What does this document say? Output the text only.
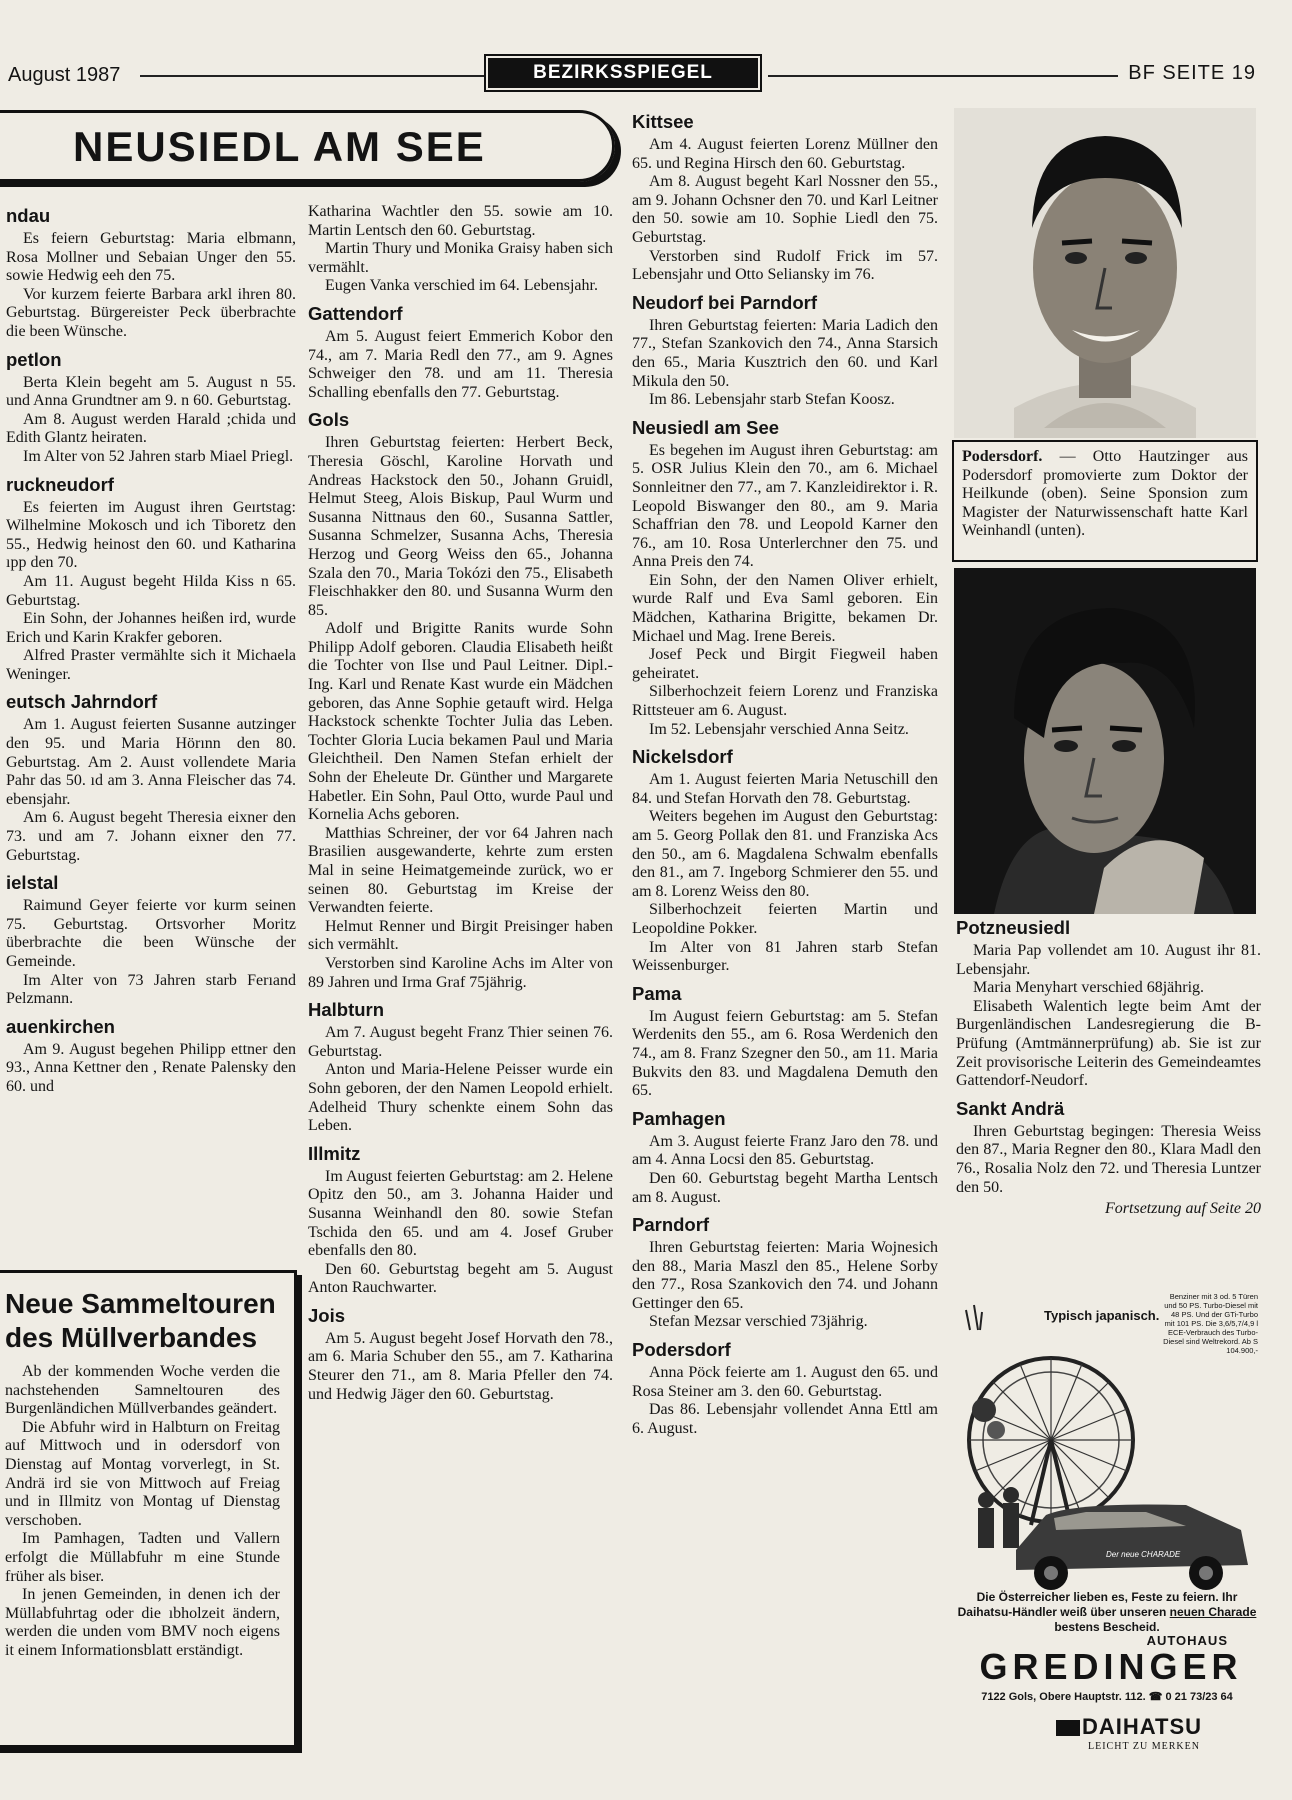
August 1987	BEZIRKSSPIEGEL	BF SEITE 19
NEUSIEDL AM SEE
ndau
Es feiern Geburtstag: Maria elbmann, Rosa Mollner und Sebaian Unger den 55. sowie Hedwig eeh den 75.
Vor kurzem feierte Barbara arkl ihren 80. Geburtstag. Bürgereister Peck überbrachte die been Wünsche.
petlon
Berta Klein begeht am 5. August n 55. und Anna Grundtner am 9. n 60. Geburtstag.
Am 8. August werden Harald ;chida und Edith Glantz heiraten.
Im Alter von 52 Jahren starb Miael Priegl.
ruckneudorf
Es feierten im August ihren Geırtstag: Wilhelmine Mokosch und ich Tiboretz den 55., Hedwig heinost den 60. und Katharina ıpp den 70.
Am 11. August begeht Hilda Kiss n 65. Geburtstag.
Ein Sohn, der Johannes heißen ird, wurde Erich und Karin Krakfer geboren.
Alfred Praster vermählte sich it Michaela Weninger.
eutsch Jahrndorf
Am 1. August feierten Susanne autzinger den 95. und Maria Hörınn den 80. Geburtstag. Am 2. Auıst vollendete Maria Pahr das 50. ıd am 3. Anna Fleischer das 74. ebensjahr.
Am 6. August begeht Theresia eixner den 73. und am 7. Johann eixner den 77. Geburtstag.
ielstal
Raimund Geyer feierte vor kurm seinen 75. Geburtstag. Ortsvorher Moritz überbrachte die been Wünsche der Gemeinde.
Im Alter von 73 Jahren starb Ferıand Pelzmann.
auenkirchen
Am 9. August begehen Philipp ettner den 93., Anna Kettner den , Renate Palensky den 60. und
Katharina Wachtler den 55. sowie am 10. Martin Lentsch den 60. Geburtstag.
Martin Thury und Monika Graisy haben sich vermählt.
Eugen Vanka verschied im 64. Lebensjahr.
Gattendorf
Am 5. August feiert Emmerich Kobor den 74., am 7. Maria Redl den 77., am 9. Agnes Schweiger den 78. und am 11. Theresia Schalling ebenfalls den 77. Geburtstag.
Gols
Ihren Geburtstag feierten: Herbert Beck, Theresia Göschl, Karoline Horvath und Andreas Hackstock den 50., Johann Gruidl, Helmut Steeg, Alois Biskup, Paul Wurm und Susanna Nittnaus den 60., Susanna Sattler, Susanna Schmelzer, Susanna Achs, Theresia Herzog und Georg Weiss den 65., Johanna Szala den 70., Maria Tokózi den 75., Elisabeth Fleischhakker den 80. und Susanna Wurm den 85.
Adolf und Brigitte Ranits wurde Sohn Philipp Adolf geboren. Claudia Elisabeth heißt die Tochter von Ilse und Paul Leitner. Dipl.-Ing. Karl und Renate Kast wurde ein Mädchen geboren, das Anne Sophie getauft wird. Helga Hackstock schenkte Tochter Julia das Leben. Tochter Gloria Lucia bekamen Paul und Maria Gleichtheil. Den Namen Stefan erhielt der Sohn der Eheleute Dr. Günther und Margarete Habetler. Ein Sohn, Paul Otto, wurde Paul und Kornelia Achs geboren.
Matthias Schreiner, der vor 64 Jahren nach Brasilien ausgewanderte, kehrte zum ersten Mal in seine Heimatgemeinde zurück, wo er seinen 80. Geburtstag im Kreise der Verwandten feierte.
Helmut Renner und Birgit Preisinger haben sich vermählt.
Verstorben sind Karoline Achs im Alter von 89 Jahren und Irma Graf 75jährig.
Halbturn
Am 7. August begeht Franz Thier seinen 76. Geburtstag.
Anton und Maria-Helene Peisser wurde ein Sohn geboren, der den Namen Leopold erhielt. Adelheid Thury schenkte einem Sohn das Leben.
Illmitz
Im August feierten Geburtstag: am 2. Helene Opitz den 50., am 3. Johanna Haider und Susanna Weinhandl den 80. sowie Stefan Tschida den 65. und am 4. Josef Gruber ebenfalls den 80.
Den 60. Geburtstag begeht am 5. August Anton Rauchwarter.
Jois
Am 5. August begeht Josef Horvath den 78., am 6. Maria Schuber den 55., am 7. Katharina Steurer den 71., am 8. Maria Pfeller den 74. und Hedwig Jäger den 60. Geburtstag.
Kittsee
Am 4. August feierten Lorenz Müllner den 65. und Regina Hirsch den 60. Geburtstag.
Am 8. August begeht Karl Nossner den 55., am 9. Johann Ochsner den 70. und Karl Leitner den 50. sowie am 10. Sophie Liedl den 75. Geburtstag.
Verstorben sind Rudolf Frick im 57. Lebensjahr und Otto Seliansky im 76.
Neudorf bei Parndorf
Ihren Geburtstag feierten: Maria Ladich den 77., Stefan Szankovich den 74., Anna Starsich den 65., Maria Kusztrich den 60. und Karl Mikula den 50.
Im 86. Lebensjahr starb Stefan Koosz.
Neusiedl am See
Es begehen im August ihren Geburtstag: am 5. OSR Julius Klein den 70., am 6. Michael Sonnleitner den 77., am 7. Kanzleidirektor i. R. Leopold Biswanger den 80., am 9. Maria Schaffrian den 78. und Leopold Karner den 76., am 10. Rosa Unterlerchner den 75. und Anna Preis den 74.
Ein Sohn, der den Namen Oliver erhielt, wurde Ralf und Eva Saml geboren. Ein Mädchen, Katharina Brigitte, bekamen Dr. Michael und Mag. Irene Bereis.
Josef Peck und Birgit Fiegweil haben geheiratet.
Silberhochzeit feiern Lorenz und Franziska Rittsteuer am 6. August.
Im 52. Lebensjahr verschied Anna Seitz.
Nickelsdorf
Am 1. August feierten Maria Netuschill den 84. und Stefan Horvath den 78. Geburtstag.
Weiters begehen im August den Geburtstag: am 5. Georg Pollak den 81. und Franziska Acs den 50., am 6. Magdalena Schwalm ebenfalls den 81., am 7. Ingeborg Schmierer den 55. und am 8. Lorenz Weiss den 80.
Silberhochzeit feierten Martin und Leopoldine Pokker.
Im Alter von 81 Jahren starb Stefan Weissenburger.
Pama
Im August feiern Geburtstag: am 5. Stefan Werdenits den 55., am 6. Rosa Werdenich den 74., am 8. Franz Szegner den 50., am 11. Maria Bukvits den 83. und Magdalena Demuth den 65.
Pamhagen
Am 3. August feierte Franz Jaro den 78. und am 4. Anna Locsi den 85. Geburtstag.
Den 60. Geburtstag begeht Martha Lentsch am 8. August.
Parndorf
Ihren Geburtstag feierten: Maria Wojnesich den 88., Maria Maszl den 85., Helene Sorby den 77., Rosa Szankovich den 74. und Johann Gettinger den 65.
Stefan Mezsar verschied 73jährig.
Podersdorf
Anna Pöck feierte am 1. August den 65. und Rosa Steiner am 3. den 60. Geburtstag.
Das 86. Lebensjahr vollendet Anna Ettl am 6. August.
Neue Sammeltouren des Müllverbandes
Ab der kommenden Woche verden die nachstehenden Samneltouren des Burgenländichen Müllverbandes geändert.
Die Abfuhr wird in Halbturn on Freitag auf Mittwoch und in odersdorf von Dienstag auf Montag vorverlegt, in St. Andrä ird sie von Mittwoch auf Freiag und in Illmitz von Montag uf Dienstag verschoben.
Im Pamhagen, Tadten und Vallern erfolgt die Müllabfuhr m eine Stunde früher als biser.
In jenen Gemeinden, in denen ich der Müllabfuhrtag oder die ıbholzeit ändern, werden die unden vom BMV noch eigens it einem Informationsblatt erständigt.
Podersdorf. — Otto Hautzinger aus Podersdorf promovierte zum Doktor der Heilkunde (oben). Seine Sponsion zum Magister der Naturwissenschaft hatte Karl Weinhandl (unten).
Potzneusiedl
Maria Pap vollendet am 10. August ihr 81. Lebensjahr.
Maria Menyhart verschied 68jährig.
Elisabeth Walentich legte beim Amt der Burgenländischen Landesregierung die B-Prüfung (Amtmännerprüfung) ab. Sie ist zur Zeit provisorische Leiterin des Gemeindeamtes Gattendorf-Neudorf.
Sankt Andrä
Ihren Geburtstag begingen: Theresia Weiss den 87., Maria Regner den 80., Klara Madl den 76., Rosalia Nolz den 72. und Theresia Luntzer den 50.
Fortsetzung auf Seite 20
Typisch japanisch.
Benziner mit 3 od. 5 Türen und 50 PS. Turbo-Diesel mit 48 PS. Und der GTi-Turbo mit 101 PS. Die 3,6/5,7/4,9 l ECE-Verbrauch des Turbo-Diesel sind Weltrekord. Ab S 104.900,-
Der neue CHARADE
Die Österreicher lieben es, Feste zu feiern. Ihr Daihatsu-Händler weiß über unseren neuen Charade bestens Bescheid.
AUTOHAUS
GREDINGER
7122 Gols, Obere Hauptstr. 112. ☎ 0 21 73/23 64
DAIHATSU
LEICHT ZU MERKEN
